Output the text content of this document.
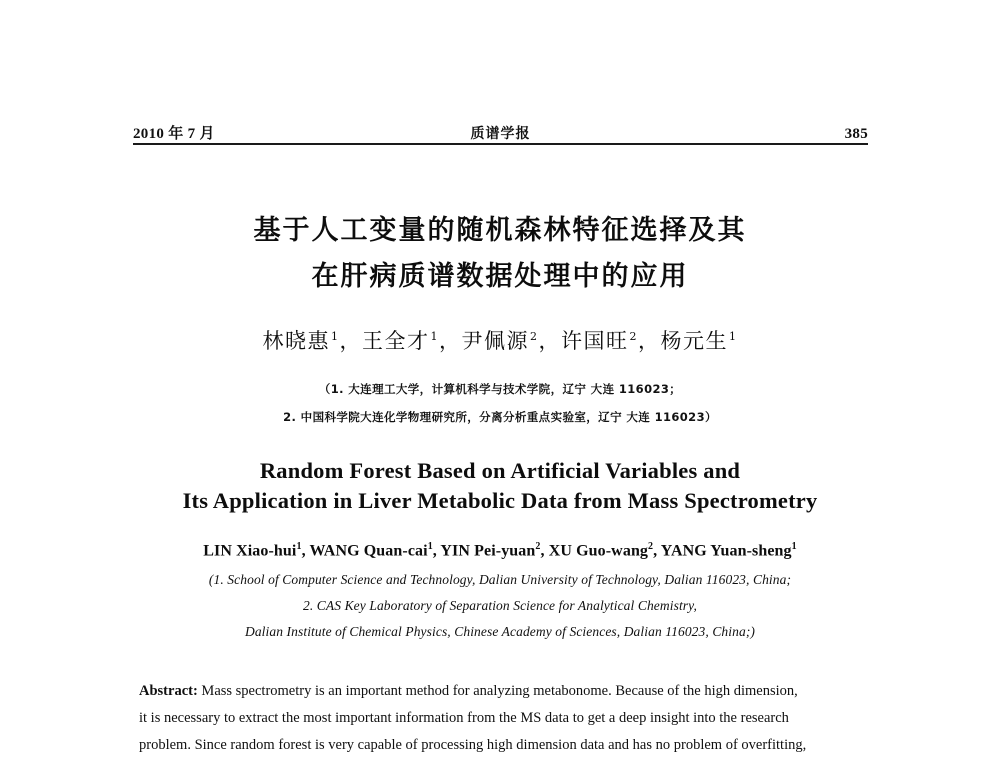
2010 年 7 月	质谱学报	385
基于人工变量的随机森林特征选择及其
在肝病质谱数据处理中的应用
林晓惠$^1$，王全才$^1$，尹佩源$^2$，许国旺$^2$，杨元生$^1$
（1. 大连理工大学，计算机科学与技术学院，辽宁 大连 116023；
2. 中国科学院大连化学物理研究所，分离分析重点实验室，辽宁 大连 116023）
Random Forest Based on Artificial Variables and
Its Application in Liver Metabolic Data from Mass Spectrometry
LIN Xiao-hui$^1$, WANG Quan-cai$^1$, YIN Pei-yuan$^2$, XU Guo-wang$^2$, YANG Yuan-sheng$^1$
(1. School of Computer Science and Technology, Dalian University of Technology, Dalian 116023, China;
2. CAS Key Laboratory of Separation Science for Analytical Chemistry,
Dalian Institute of Chemical Physics, Chinese Academy of Sciences, Dalian 116023, China;)
Abstract: Mass spectrometry is an important method for analyzing metabonome. Because of the high dimension,
it is necessary to extract the most important information from the MS data to get a deep insight into the research
problem. Since random forest is very capable of processing high dimension data and has no problem of overfitting,
